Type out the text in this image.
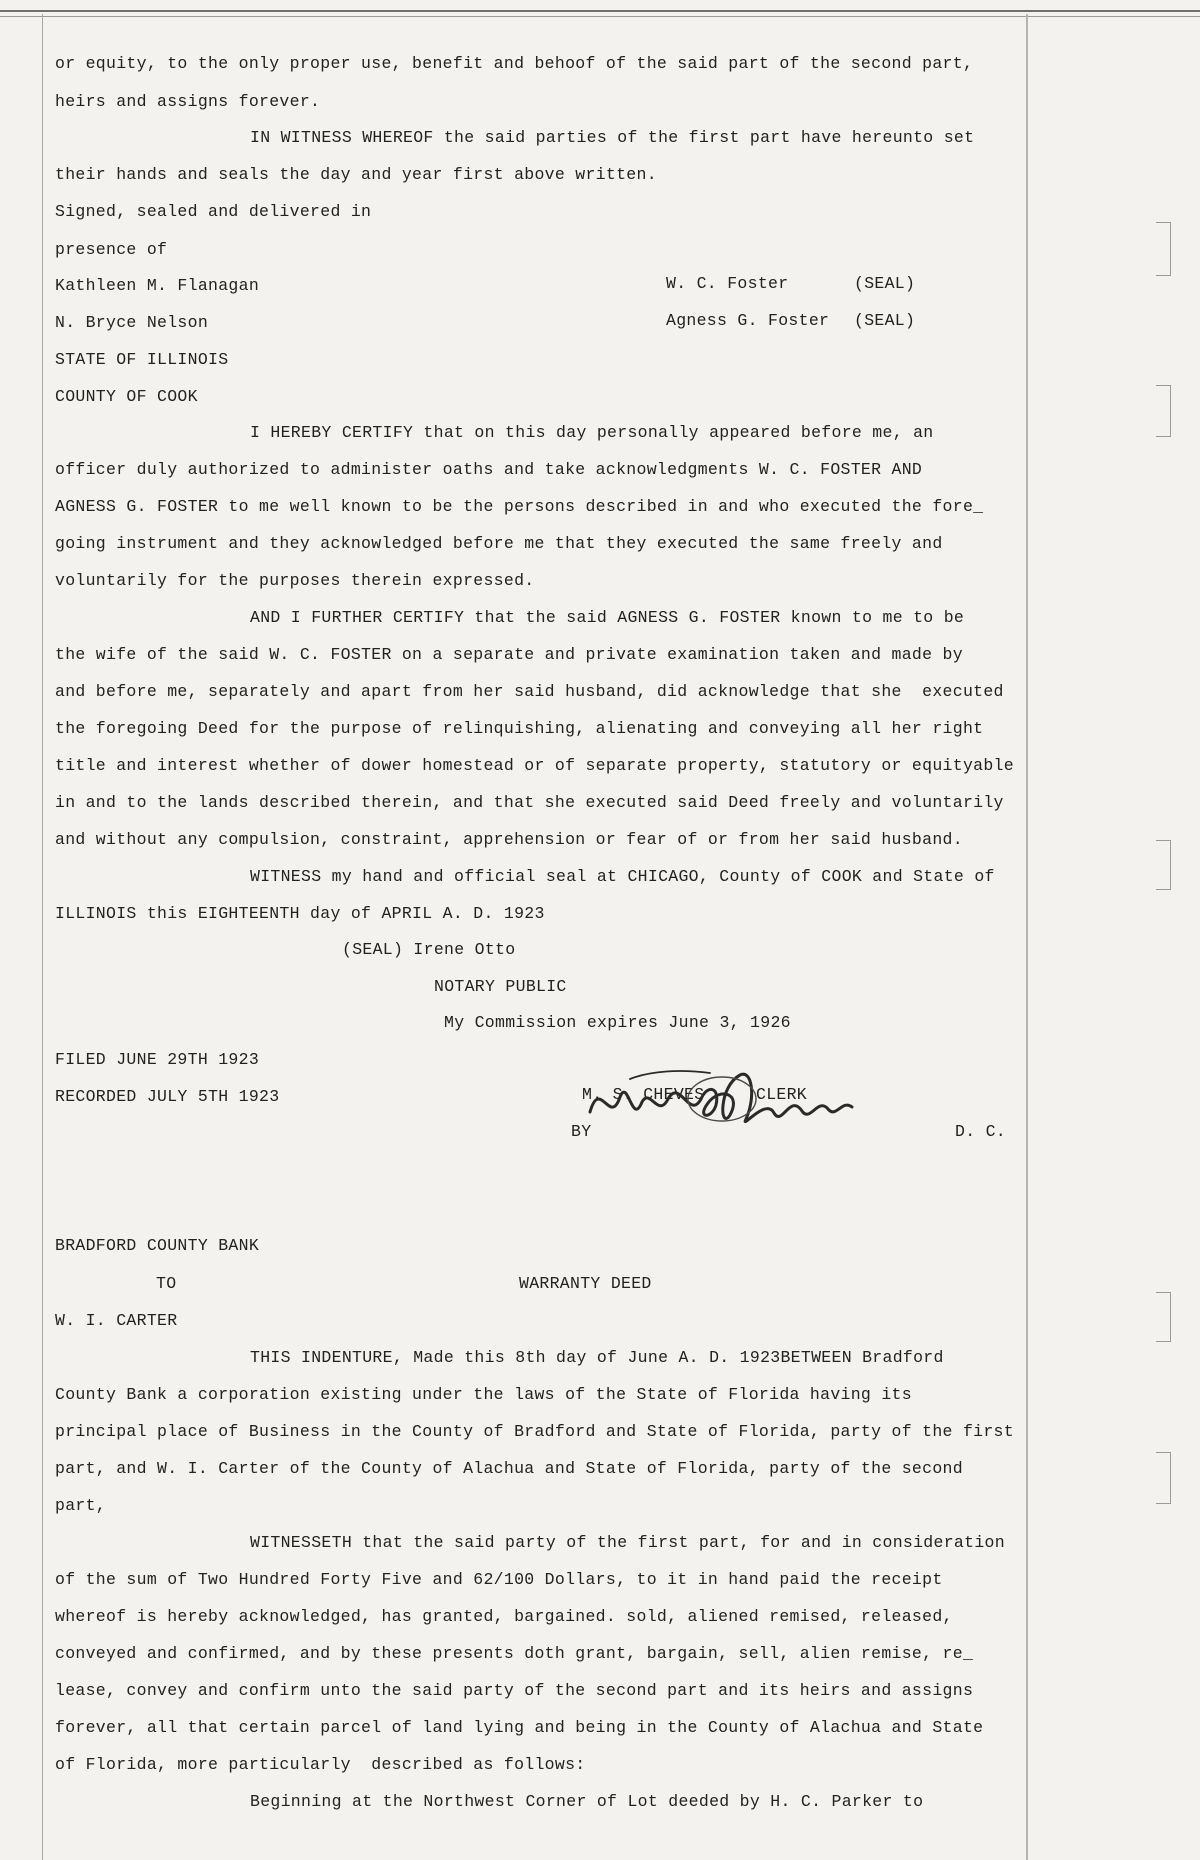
or equity, to the only proper use, benefit and behoof of the said part of the second part,
heirs and assigns forever.
IN WITNESS WHEREOF the said parties of the first part have hereunto set
their hands and seals the day and year first above written.
Signed, sealed and delivered in
presence of
Kathleen M. Flanagan	W. C. Foster	(SEAL)
N. Bryce Nelson	Agness G. Foster (SEAL)
STATE OF ILLINOIS
COUNTY OF COOK
I HEREBY CERTIFY that on this day personally appeared before me, an
officer duly authorized to administer oaths and take acknowledgments W. C. FOSTER AND
AGNESS G. FOSTER to me well known to be the persons described in and who executed the fore_
going instrument and they acknowledged before me that they executed the same freely and
voluntarily for the purposes therein expressed.
AND I FURTHER CERTIFY that the said AGNESS G. FOSTER known to me to be
the wife of the said W. C. FOSTER on a separate and private examination taken and made by
and before me, separately and apart from her said husband, did acknowledge that she  executed
the foregoing Deed for the purpose of relinquishing, alienating and conveying all her right
title and interest whether of dower homestead or of separate property, statutory or equityable
in and to the lands described therein, and that she executed said Deed freely and voluntarily
and without any compulsion, constraint, apprehension or fear of or from her said husband.
WITNESS my hand and official seal at CHICAGO, County of COOK and State of
ILLINOIS this EIGHTEENTH day of APRIL A. D. 1923
(SEAL) Irene Otto
NOTARY PUBLIC
My Commission expires June 3, 1926
FILED JUNE 29TH 1923
RECORDED JULY 5TH 1923	M. S. CHEVES	CLERK
BY	D. C.
BRADFORD COUNTY BANK
TO	WARRANTY DEED
W. I. CARTER
THIS INDENTURE, Made this 8th day of June A. D. 1923BETWEEN Bradford
County Bank a corporation existing under the laws of the State of Florida having its
principal place of Business in the County of Bradford and State of Florida, party of the first
part, and W. I. Carter of the County of Alachua and State of Florida, party of the second
part,
WITNESSETH that the said party of the first part, for and in consideration
of the sum of Two Hundred Forty Five and 62/100 Dollars, to it in hand paid the receipt
whereof is hereby acknowledged, has granted, bargained. sold, aliened remised, released,
conveyed and confirmed, and by these presents doth grant, bargain, sell, alien remise, re_
lease, convey and confirm unto the said party of the second part and its heirs and assigns
forever, all that certain parcel of land lying and being in the County of Alachua and State
of Florida, more particularly  described as follows:
Beginning at the Northwest Corner of Lot deeded by H. C. Parker to
